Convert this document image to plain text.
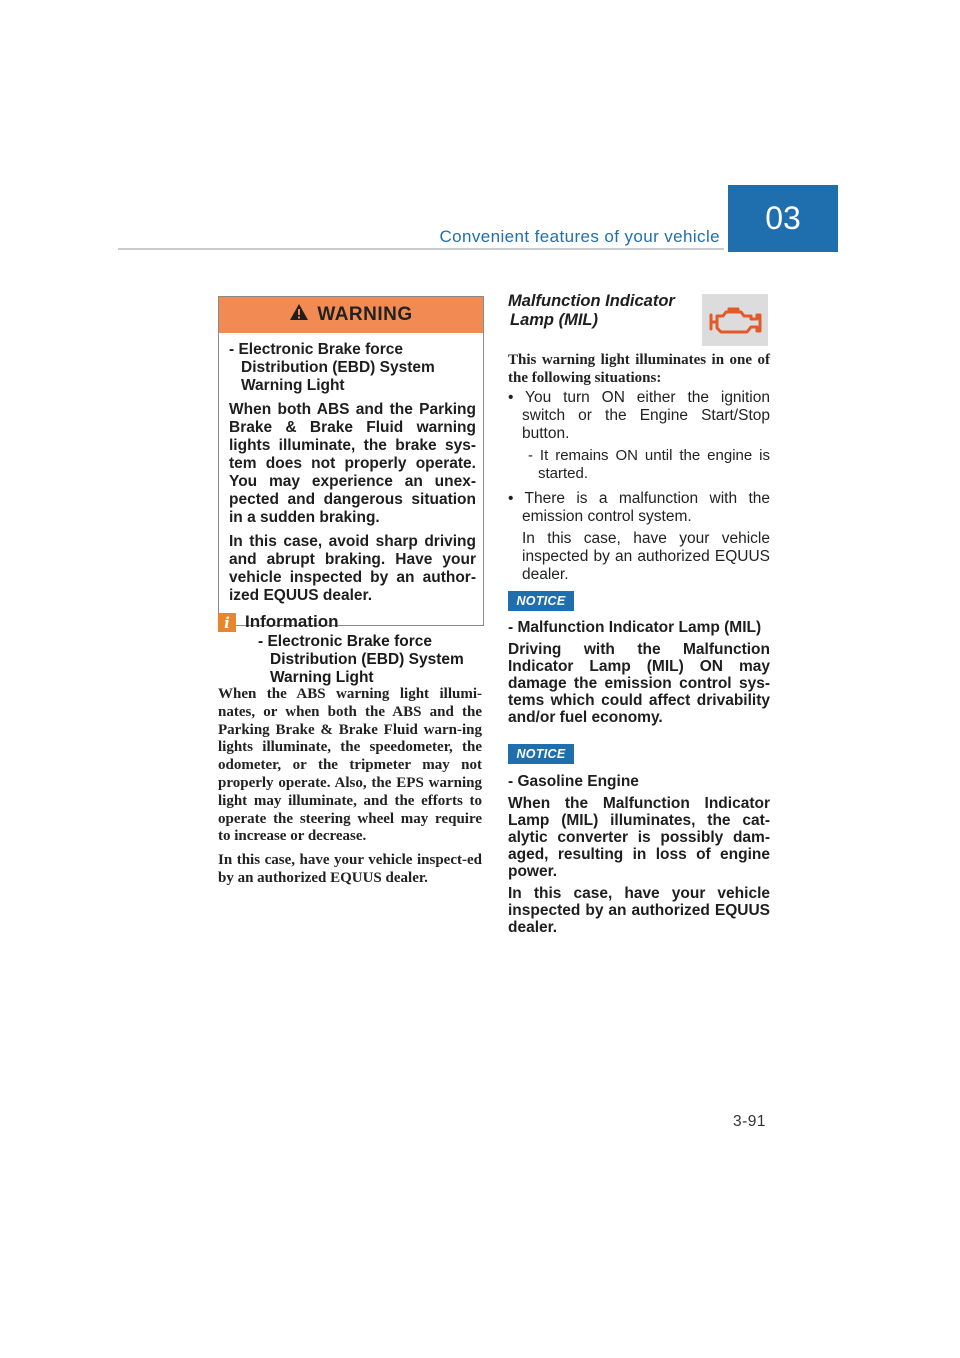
Convenient features of your vehicle
03
WARNING

- Electronic Brake force Distribution (EBD) System Warning Light

When both ABS and the Parking Brake & Brake Fluid warning lights illuminate, the brake sys-tem does not properly operate. You may experience an unex-pected and dangerous situation in a sudden braking.

In this case, avoid sharp driving and abrupt braking. Have your vehicle inspected by an author-ized EQUUS dealer.

i Information
- Electronic Brake force Distribution (EBD) System Warning Light

When the ABS warning light illumi-nates, or when both the ABS and the Parking Brake & Brake Fluid warn-ing lights illuminate, the speedometer, the odometer, or the tripmeter may not properly operate. Also, the EPS warning light may illuminate, and the efforts to operate the steering wheel may require to increase or decrease.

In this case, have your vehicle inspect-ed by an authorized EQUUS dealer.

Malfunction Indicator
Lamp (MIL)
This warning light illuminates in one of the following situations:

• You turn ON either the ignition switch or the Engine Start/Stop button.

- It remains ON until the engine is started.

• There is a malfunction with the emission control system.

In this case, have your vehicle inspected by an authorized EQUUS dealer.

NOTICE

- Malfunction Indicator Lamp (MIL)

Driving with the Malfunction Indicator Lamp (MIL) ON may damage the emission control sys-tems which could affect drivability and/or fuel economy.

NOTICE

- Gasoline Engine

When the Malfunction Indicator Lamp (MIL) illuminates, the cat-alytic converter is possibly dam-aged, resulting in loss of engine power.

In this case, have your vehicle inspected by an authorized EQUUS dealer.

3-91
